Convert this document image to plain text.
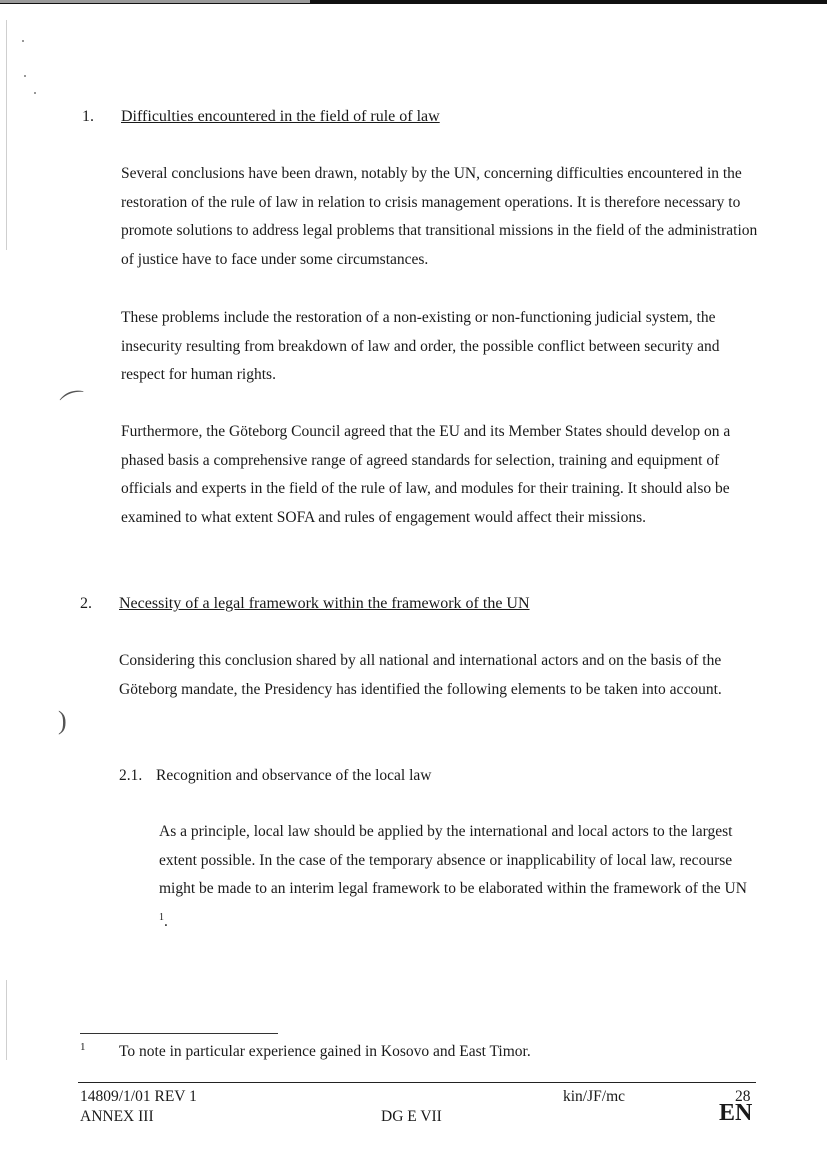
⌒
)
1. Difficulties encountered in the field of rule of law

Several conclusions have been drawn, notably by the UN, concerning difficulties encountered in the restoration of the rule of law in relation to crisis management operations. It is therefore necessary to promote solutions to address legal problems that transitional missions in the field of the administration of justice have to face under some circumstances.

These problems include the restoration of a non-existing or non-functioning judicial system, the insecurity resulting from breakdown of law and order, the possible conflict between security and respect for human rights.

Furthermore, the Göteborg Council agreed that the EU and its Member States should develop on a phased basis a comprehensive range of agreed standards for selection, training and equipment of officials and experts in the field of the rule of law, and modules for their training. It should also be examined to what extent SOFA and rules of engagement would affect their missions.

2. Necessity of a legal framework within the framework of the UN

Considering this conclusion shared by all national and international actors and on the basis of the Göteborg mandate, the Presidency has identified the following elements to be taken into account.

2.1. Recognition and observance of the local law

As a principle, local law should be applied by the international and local actors to the largest extent possible. In the case of the temporary absence or inapplicability of local law, recourse might be made to an interim legal framework to be elaborated within the framework of the UN $^1$.

1 To note in particular experience gained in Kosovo and East Timor.
14809/1/01 REV 1
ANNEX III
kin/JF/mc
DG E VII
28
EN
